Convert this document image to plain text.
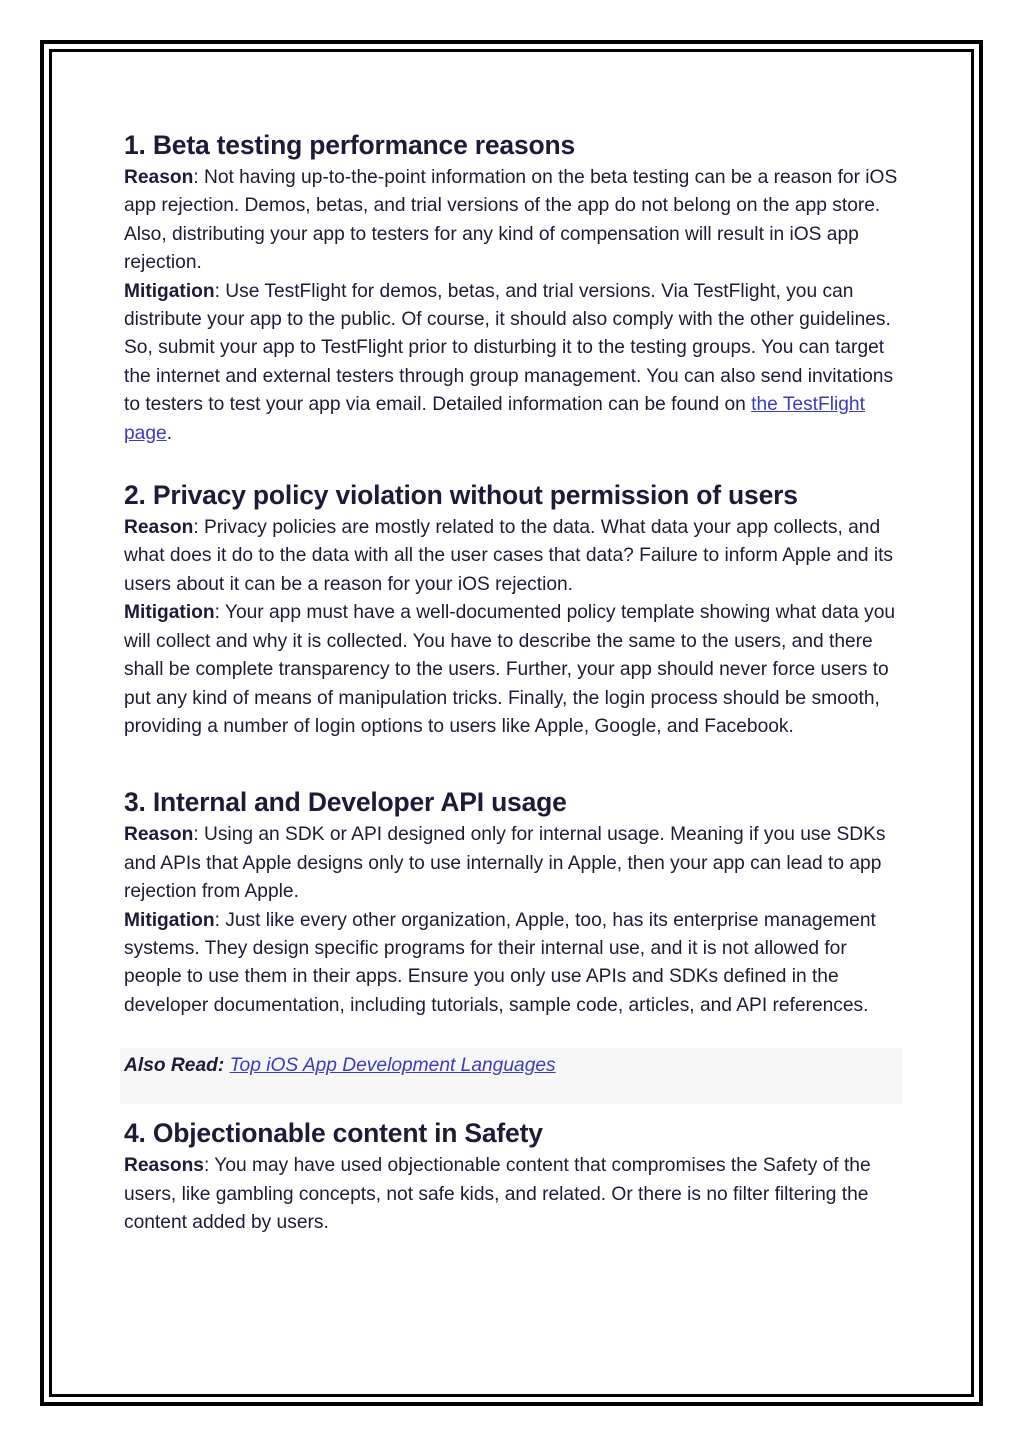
1. Beta testing performance reasons

Reason: Not having up-to-the-point information on the beta testing can be a reason for iOS app rejection. Demos, betas, and trial versions of the app do not belong on the app store. Also, distributing your app to testers for any kind of compensation will result in iOS app rejection.

Mitigation: Use TestFlight for demos, betas, and trial versions. Via TestFlight, you can distribute your app to the public. Of course, it should also comply with the other guidelines. So, submit your app to TestFlight prior to disturbing it to the testing groups. You can target the internet and external testers through group management. You can also send invitations to testers to test your app via email. Detailed information can be found on the TestFlight page.

2. Privacy policy violation without permission of users

Reason: Privacy policies are mostly related to the data. What data your app collects, and what does it do to the data with all the user cases that data? Failure to inform Apple and its users about it can be a reason for your iOS rejection.

Mitigation: Your app must have a well-documented policy template showing what data you will collect and why it is collected. You have to describe the same to the users, and there shall be complete transparency to the users. Further, your app should never force users to put any kind of means of manipulation tricks. Finally, the login process should be smooth, providing a number of login options to users like Apple, Google, and Facebook.

3. Internal and Developer API usage

Reason: Using an SDK or API designed only for internal usage. Meaning if you use SDKs and APIs that Apple designs only to use internally in Apple, then your app can lead to app rejection from Apple.

Mitigation: Just like every other organization, Apple, too, has its enterprise management systems. They design specific programs for their internal use, and it is not allowed for people to use them in their apps. Ensure you only use APIs and SDKs defined in the developer documentation, including tutorials, sample code, articles, and API references.

Also Read: Top iOS App Development Languages
4. Objectionable content in Safety

Reasons: You may have used objectionable content that compromises the Safety of the users, like gambling concepts, not safe kids, and related. Or there is no filter filtering the content added by users.
